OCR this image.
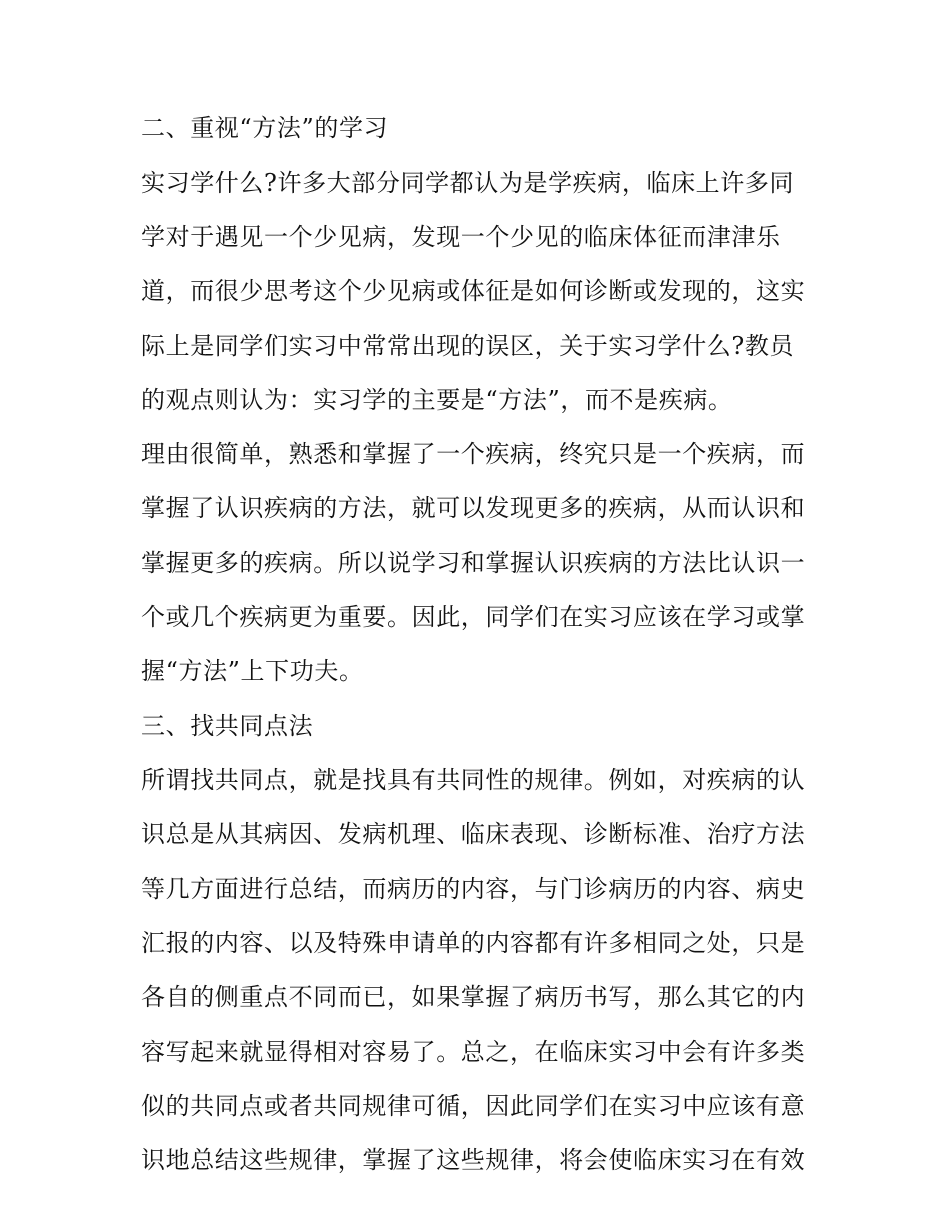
二、重视“方法”的学习
实习学什么?许多大部分同学都认为是学疾病，临床上许多同
学对于遇见一个少见病，发现一个少见的临床体征而津津乐
道，而很少思考这个少见病或体征是如何诊断或发现的，这实
际上是同学们实习中常常出现的误区，关于实习学什么?教员
的观点则认为：实习学的主要是“方法”，而不是疾病。
理由很简单，熟悉和掌握了一个疾病，终究只是一个疾病，而
掌握了认识疾病的方法，就可以发现更多的疾病，从而认识和
掌握更多的疾病。所以说学习和掌握认识疾病的方法比认识一
个或几个疾病更为重要。因此，同学们在实习应该在学习或掌
握“方法”上下功夫。
三、找共同点法
所谓找共同点，就是找具有共同性的规律。例如，对疾病的认
识总是从其病因、发病机理、临床表现、诊断标准、治疗方法
等几方面进行总结，而病历的内容，与门诊病历的内容、病史
汇报的内容、以及特殊申请单的内容都有许多相同之处，只是
各自的侧重点不同而已，如果掌握了病历书写，那么其它的内
容写起来就显得相对容易了。总之，在临床实习中会有许多类
似的共同点或者共同规律可循，因此同学们在实习中应该有意
识地总结这些规律，掌握了这些规律，将会使临床实习在有效
